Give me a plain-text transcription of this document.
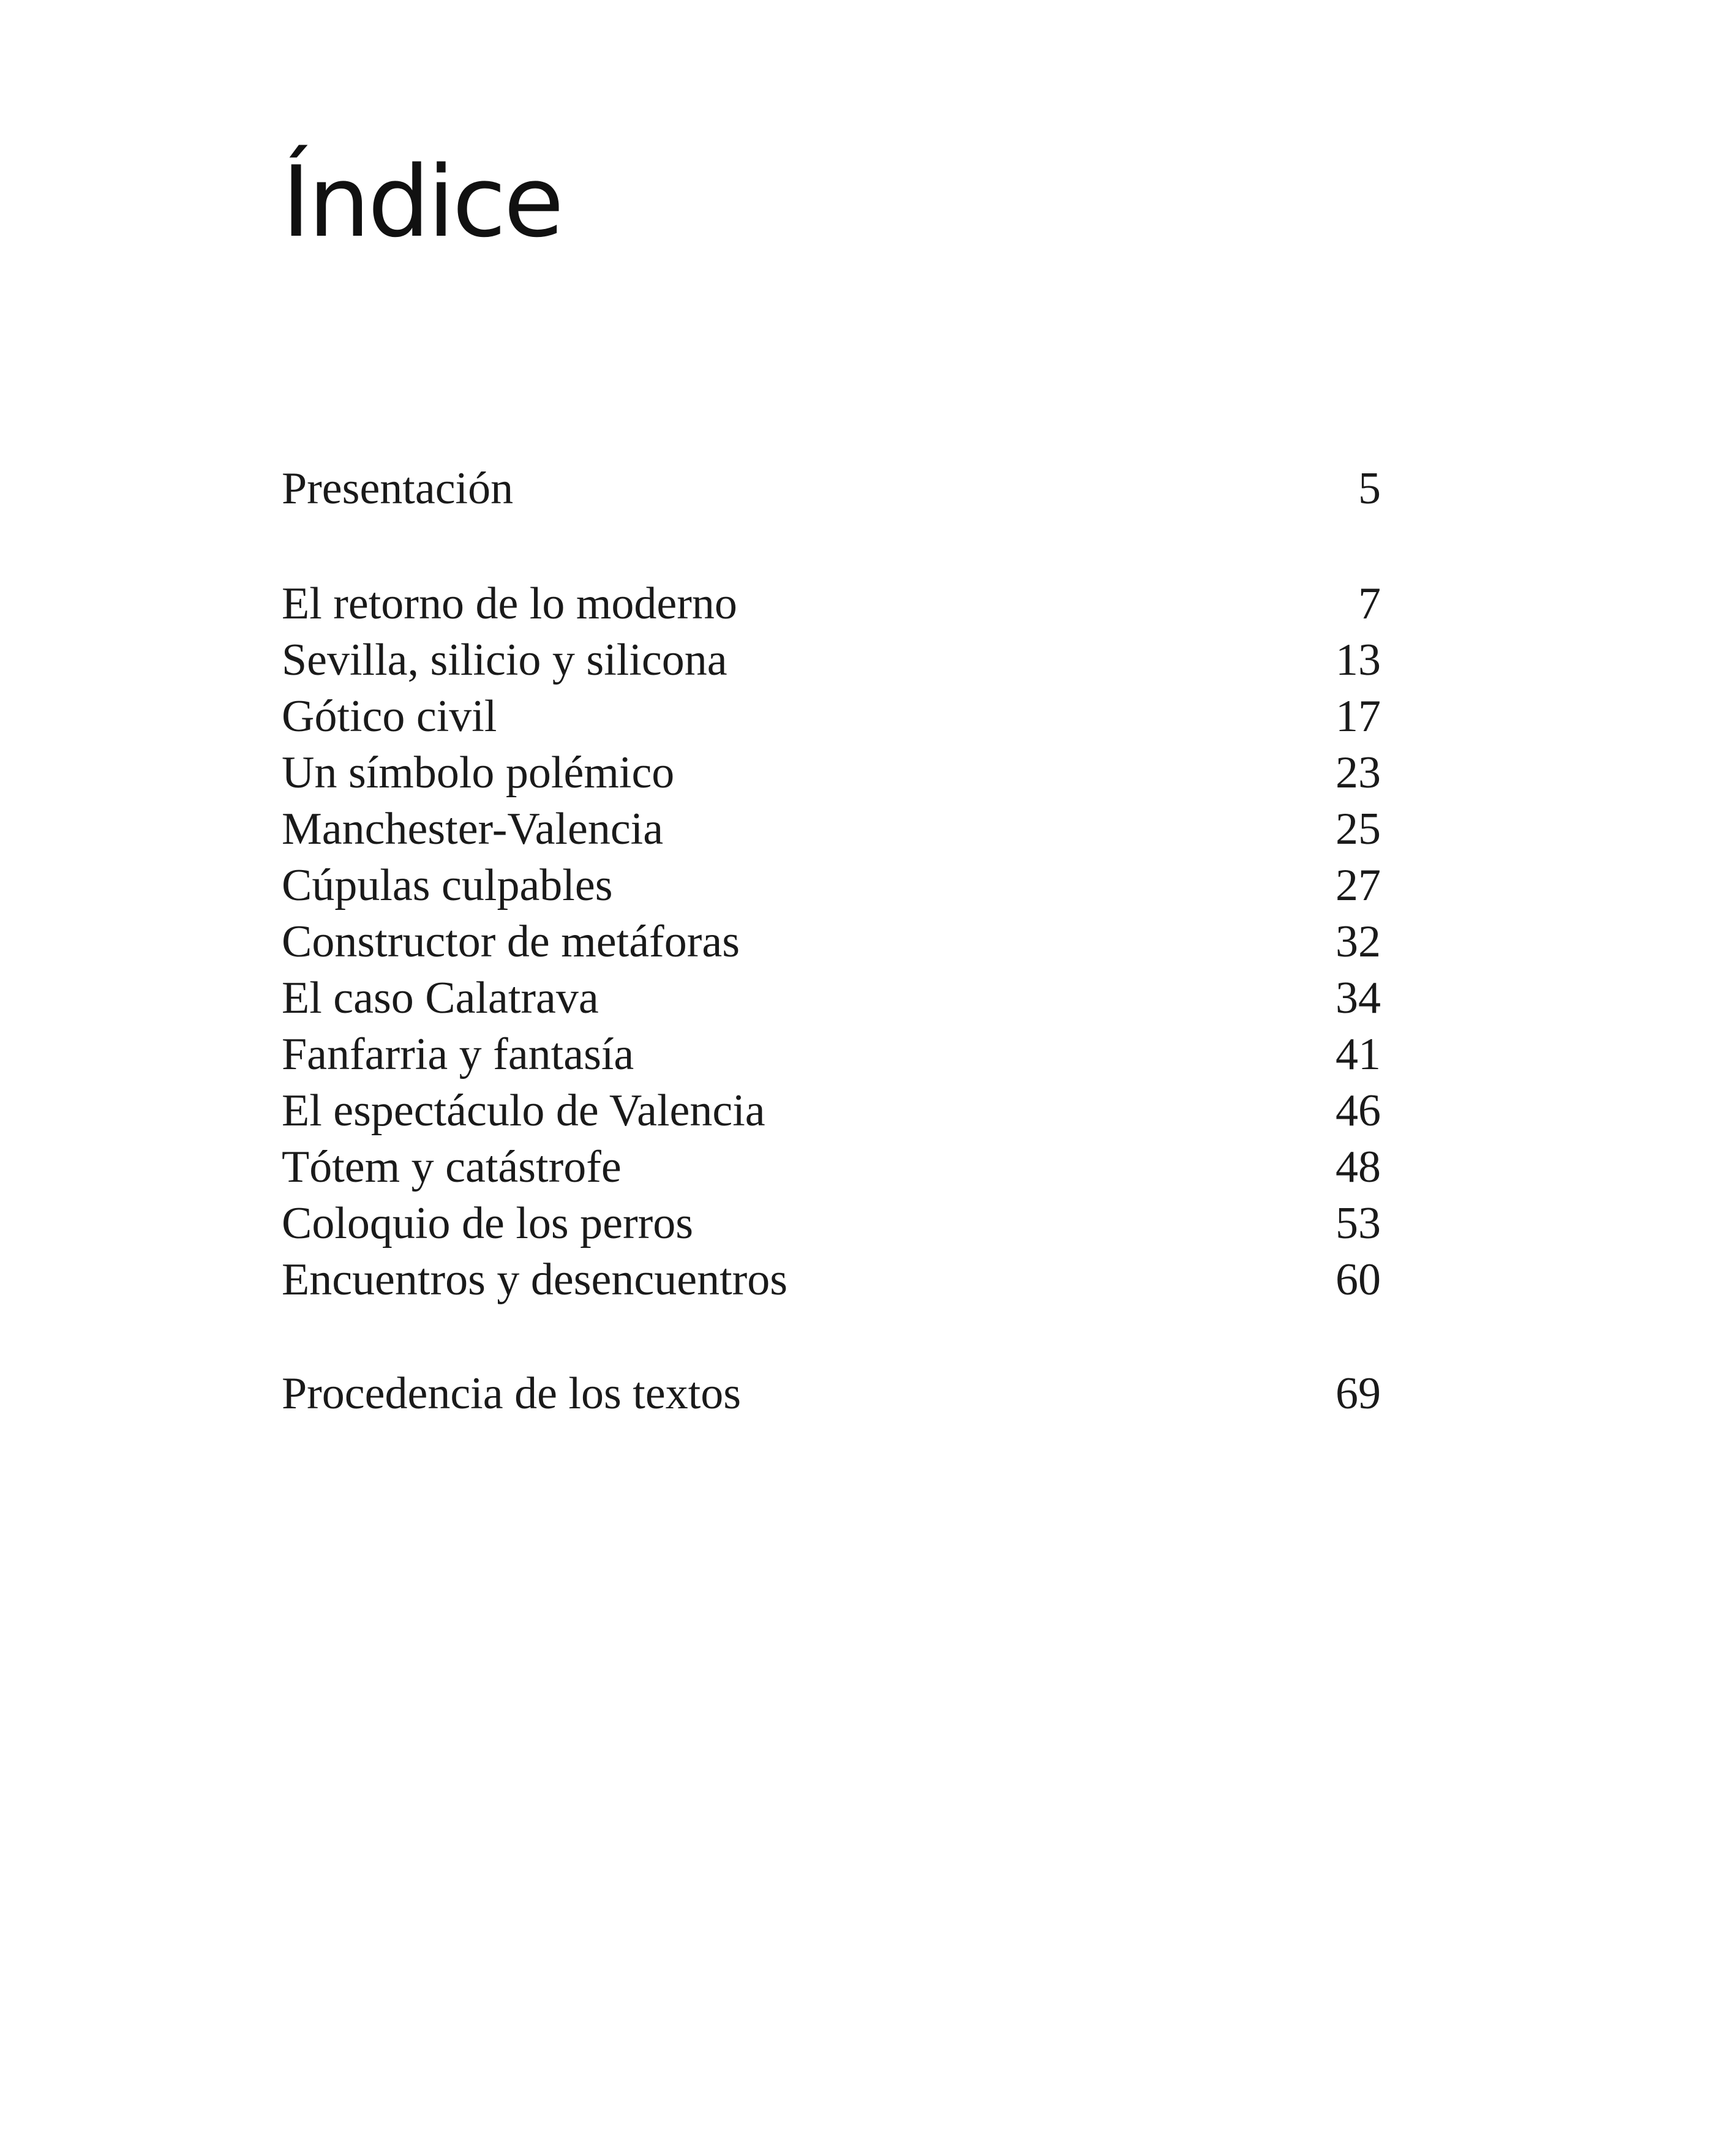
Índice
Presentación	5
El retorno de lo moderno	7
Sevilla, silicio y silicona	13
Gótico civil	17
Un símbolo polémico	23
Manchester-Valencia	25
Cúpulas culpables	27
Constructor de metáforas	32
El caso Calatrava	34
Fanfarria y fantasía	41
El espectáculo de Valencia	46
Tótem y catástrofe	48
Coloquio de los perros	53
Encuentros y desencuentros	60
Procedencia de los textos	69
